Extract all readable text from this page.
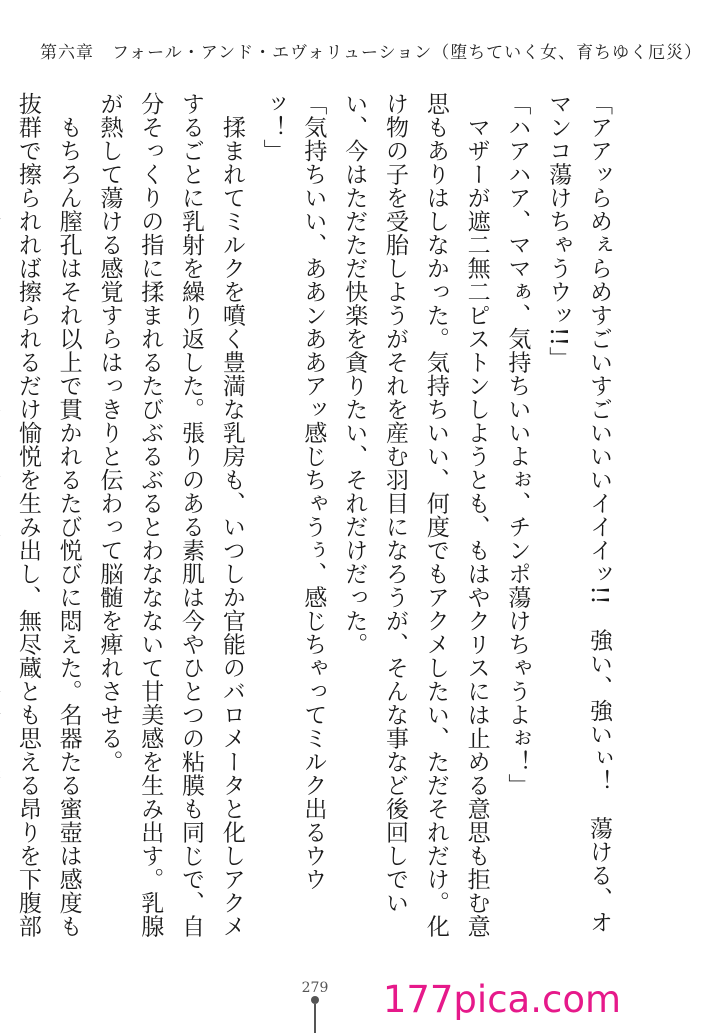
第六章　フォール・アンド・エヴォリューション（堕ちていく女、育ちゆく厄災）

「アアッらめぇらめすごいすごいいいイイイッ!!　強い、強いぃ！　蕩ける、オマンコ蕩けちゃうウッ!!」

「ハアハア、ママぁ、気持ちいいよぉ、チンポ蕩けちゃうよぉ！」

　マザーが遮二無二ピストンしようとも、もはやクリスには止める意思も拒む意思もありはしなかった。気持ちいい、何度でもアクメしたい、ただそれだけ。化け物の子を受胎しようがそれを産む羽目になろうが、そんな事など後回しでいい、今はただただ快楽を貪りたい、それだけだった。

「気持ちいい、ああンああアッ感じちゃうぅ、感じちゃってミルク出るウウッ！」

　揉まれてミルクを噴く豊満な乳房も、いつしか官能のバロメータと化しアクメするごとに乳射を繰り返した。張りのある素肌は今やひとつの粘膜も同じで、自分そっくりの指に揉まれるたびぶるぶるとわななないて甘美感を生み出す。乳腺が熱して蕩ける感覚すらはっきりと伝わって脳髄を痺れさせる。

　もちろん膣孔はそれ以上で貫かれるたび悦びに悶えた。名器たる蜜壺は感度も抜群で擦られれば擦られるだけ愉悦を生み出し、無尽蔵とも思える昂りを下腹部

279 177pica.com
